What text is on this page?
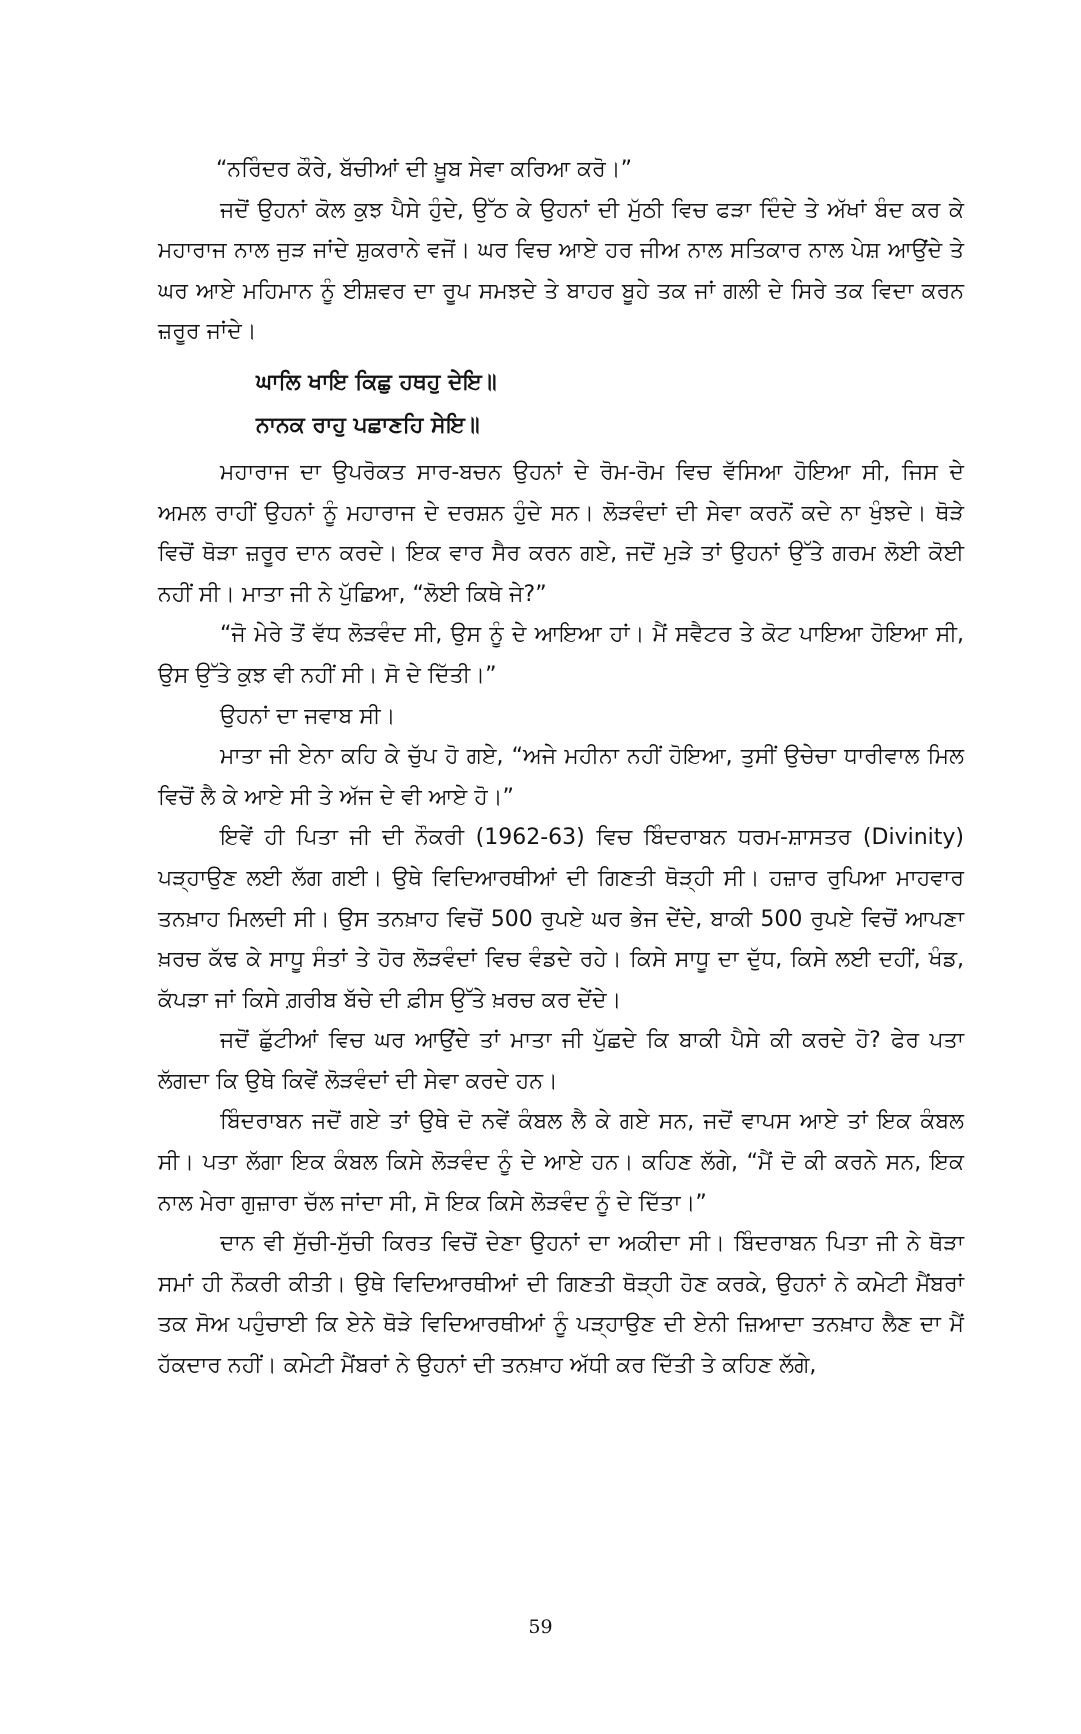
“ਨਰਿੰਦਰ ਕੌਰੇ, ਬੱਚੀਆਂ ਦੀ ਖ਼ੂਬ ਸੇਵਾ ਕਰਿਆ ਕਰੋ।”

ਜਦੋਂ ਉਹਨਾਂ ਕੋਲ ਕੁਝ ਪੈਸੇ ਹੁੰਦੇ, ਉੱਠ ਕੇ ਉਹਨਾਂ ਦੀ ਮੁੱਠੀ ਵਿਚ ਫੜਾ ਦਿੰਦੇ ਤੇ ਅੱਖਾਂ ਬੰਦ ਕਰ ਕੇ ਮਹਾਰਾਜ ਨਾਲ ਜੁੜ ਜਾਂਦੇ ਸ਼ੁਕਰਾਨੇ ਵਜੋਂ। ਘਰ ਵਿਚ ਆਏ ਹਰ ਜੀਅ ਨਾਲ ਸਤਿਕਾਰ ਨਾਲ ਪੇਸ਼ ਆਉਂਦੇ ਤੇ ਘਰ ਆਏ ਮਹਿਮਾਨ ਨੂੰ ਈਸ਼ਵਰ ਦਾ ਰੂਪ ਸਮਝਦੇ ਤੇ ਬਾਹਰ ਬੂਹੇ ਤਕ ਜਾਂ ਗਲੀ ਦੇ ਸਿਰੇ ਤਕ ਵਿਦਾ ਕਰਨ ਜ਼ਰੂਰ ਜਾਂਦੇ।

ਘਾਲਿ ਖਾਇ ਕਿਛੁ ਹਥਹੁ ਦੇਇ॥
ਨਾਨਕ ਰਾਹੁ ਪਛਾਣਹਿ ਸੇਇ॥

ਮਹਾਰਾਜ ਦਾ ਉਪਰੋਕਤ ਸਾਰ-ਬਚਨ ਉਹਨਾਂ ਦੇ ਰੋਮ-ਰੋਮ ਵਿਚ ਵੱਸਿਆ ਹੋਇਆ ਸੀ, ਜਿਸ ਦੇ ਅਮਲ ਰਾਹੀਂ ਉਹਨਾਂ ਨੂੰ ਮਹਾਰਾਜ ਦੇ ਦਰਸ਼ਨ ਹੁੰਦੇ ਸਨ। ਲੋੜਵੰਦਾਂ ਦੀ ਸੇਵਾ ਕਰਨੋਂ ਕਦੇ ਨਾ ਖੁੰਝਦੇ। ਥੋੜੇ ਵਿਚੋਂ ਥੋੜਾ ਜ਼ਰੂਰ ਦਾਨ ਕਰਦੇ। ਇਕ ਵਾਰ ਸੈਰ ਕਰਨ ਗਏ, ਜਦੋਂ ਮੁੜੇ ਤਾਂ ਉਹਨਾਂ ਉੱਤੇ ਗਰਮ ਲੋਈ ਕੋਈ ਨਹੀਂ ਸੀ। ਮਾਤਾ ਜੀ ਨੇ ਪੁੱਛਿਆ, “ਲੋਈ ਕਿਥੇ ਜੇ?”

“ਜੋ ਮੇਰੇ ਤੋਂ ਵੱਧ ਲੋੜਵੰਦ ਸੀ, ਉਸ ਨੂੰ ਦੇ ਆਇਆ ਹਾਂ। ਮੈਂ ਸਵੈਟਰ ਤੇ ਕੋਟ ਪਾਇਆ ਹੋਇਆ ਸੀ, ਉਸ ਉੱਤੇ ਕੁਝ ਵੀ ਨਹੀਂ ਸੀ। ਸੋ ਦੇ ਦਿੱਤੀ।”

ਉਹਨਾਂ ਦਾ ਜਵਾਬ ਸੀ।

ਮਾਤਾ ਜੀ ਏਨਾ ਕਹਿ ਕੇ ਚੁੱਪ ਹੋ ਗਏ, “ਅਜੇ ਮਹੀਨਾ ਨਹੀਂ ਹੋਇਆ, ਤੁਸੀਂ ਉਚੇਚਾ ਧਾਰੀਵਾਲ ਮਿਲ ਵਿਚੋਂ ਲੈ ਕੇ ਆਏ ਸੀ ਤੇ ਅੱਜ ਦੇ ਵੀ ਆਏ ਹੋ।”

ਇਵੇਂ ਹੀ ਪਿਤਾ ਜੀ ਦੀ ਨੌਕਰੀ (1962-63) ਵਿਚ ਬਿੰਦਰਾਬਨ ਧਰਮ-ਸ਼ਾਸਤਰ (Divinity) ਪੜ੍ਹਾਉਣ ਲਈ ਲੱਗ ਗਈ। ਉਥੇ ਵਿਦਿਆਰਥੀਆਂ ਦੀ ਗਿਣਤੀ ਥੋੜ੍ਹੀ ਸੀ। ਹਜ਼ਾਰ ਰੁਪਿਆ ਮਾਹਵਾਰ ਤਨਖ਼ਾਹ ਮਿਲਦੀ ਸੀ। ਉਸ ਤਨਖ਼ਾਹ ਵਿਚੋਂ 500 ਰੁਪਏ ਘਰ ਭੇਜ ਦੇਂਦੇ, ਬਾਕੀ 500 ਰੁਪਏ ਵਿਚੋਂ ਆਪਣਾ ਖ਼ਰਚ ਕੱਢ ਕੇ ਸਾਧੂ ਸੰਤਾਂ ਤੇ ਹੋਰ ਲੋੜਵੰਦਾਂ ਵਿਚ ਵੰਡਦੇ ਰਹੇ। ਕਿਸੇ ਸਾਧੂ ਦਾ ਦੁੱਧ, ਕਿਸੇ ਲਈ ਦਹੀਂ, ਖੰਡ, ਕੱਪੜਾ ਜਾਂ ਕਿਸੇ ਗ਼ਰੀਬ ਬੱਚੇ ਦੀ ਫ਼ੀਸ ਉੱਤੇ ਖ਼ਰਚ ਕਰ ਦੇਂਦੇ।

ਜਦੋਂ ਛੁੱਟੀਆਂ ਵਿਚ ਘਰ ਆਉਂਦੇ ਤਾਂ ਮਾਤਾ ਜੀ ਪੁੱਛਦੇ ਕਿ ਬਾਕੀ ਪੈਸੇ ਕੀ ਕਰਦੇ ਹੋ? ਫੇਰ ਪਤਾ ਲੱਗਦਾ ਕਿ ਉਥੇ ਕਿਵੇਂ ਲੋੜਵੰਦਾਂ ਦੀ ਸੇਵਾ ਕਰਦੇ ਹਨ।

ਬਿੰਦਰਾਬਨ ਜਦੋਂ ਗਏ ਤਾਂ ਉਥੇ ਦੋ ਨਵੇਂ ਕੰਬਲ ਲੈ ਕੇ ਗਏ ਸਨ, ਜਦੋਂ ਵਾਪਸ ਆਏ ਤਾਂ ਇਕ ਕੰਬਲ ਸੀ। ਪਤਾ ਲੱਗਾ ਇਕ ਕੰਬਲ ਕਿਸੇ ਲੋੜਵੰਦ ਨੂੰ ਦੇ ਆਏ ਹਨ। ਕਹਿਣ ਲੱਗੇ, “ਮੈਂ ਦੋ ਕੀ ਕਰਨੇ ਸਨ, ਇਕ ਨਾਲ ਮੇਰਾ ਗੁਜ਼ਾਰਾ ਚੱਲ ਜਾਂਦਾ ਸੀ, ਸੋ ਇਕ ਕਿਸੇ ਲੋੜਵੰਦ ਨੂੰ ਦੇ ਦਿੱਤਾ।”

ਦਾਨ ਵੀ ਸੁੱਚੀ-ਸੁੱਚੀ ਕਿਰਤ ਵਿਚੋਂ ਦੇਣਾ ਉਹਨਾਂ ਦਾ ਅਕੀਦਾ ਸੀ। ਬਿੰਦਰਾਬਨ ਪਿਤਾ ਜੀ ਨੇ ਥੋੜਾ ਸਮਾਂ ਹੀ ਨੌਕਰੀ ਕੀਤੀ। ਉਥੇ ਵਿਦਿਆਰਥੀਆਂ ਦੀ ਗਿਣਤੀ ਥੋੜ੍ਹੀ ਹੋਣ ਕਰਕੇ, ਉਹਨਾਂ ਨੇ ਕਮੇਟੀ ਮੈਂਬਰਾਂ ਤਕ ਸੋਅ ਪਹੁੰਚਾਈ ਕਿ ਏਨੇ ਥੋੜੇ ਵਿਦਿਆਰਥੀਆਂ ਨੂੰ ਪੜ੍ਹਾਉਣ ਦੀ ਏਨੀ ਜ਼ਿਆਦਾ ਤਨਖ਼ਾਹ ਲੈਣ ਦਾ ਮੈਂ ਹੱਕਦਾਰ ਨਹੀਂ। ਕਮੇਟੀ ਮੈਂਬਰਾਂ ਨੇ ਉਹਨਾਂ ਦੀ ਤਨਖ਼ਾਹ ਅੱਧੀ ਕਰ ਦਿੱਤੀ ਤੇ ਕਹਿਣ ਲੱਗੇ,

59
